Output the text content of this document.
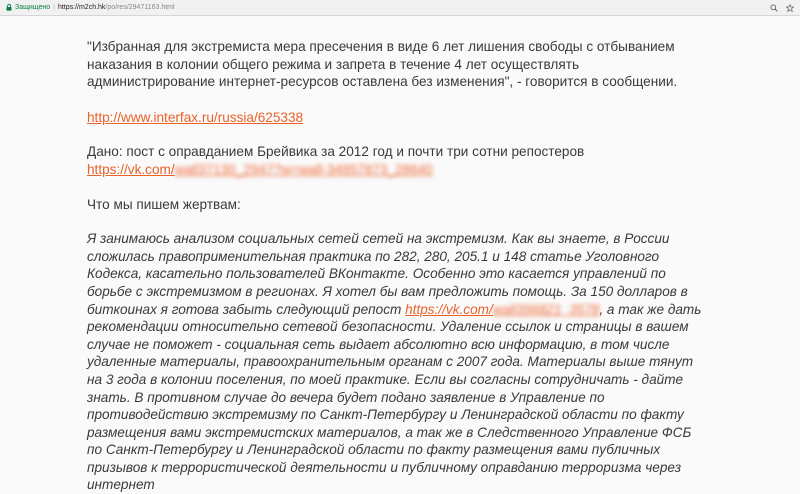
Защищено | https://m2ch.hk /po/res/29471163.html

"Избранная для экстремиста мера пресечения в виде 6 лет лишения свободы с отбыванием наказания в колонии общего режима и запрета в течение 4 лет осуществлять администрирование интернет-ресурсов оставлена без изменения", - говорится в сообщении.

http://www.interfax.ru/russia/625338

Дано: пост с оправданием Брейвика за 2012 год и почти три сотни репостеров
https://vk.com/wall37130_2947?w=wall-34957873_28640

Что мы пишем жертвам:

Я занимаюсь анализом социальных сетей сетей на экстремизм. Как вы знаете, в России сложилась правоприменительная практика по 282, 280, 205.1 и 148 статье Уголовного Кодекса, касательно пользователей ВКонтакте. Особенно это касается управлений по борьбе с экстремизмом в регионах. Я хотел бы вам предложить помощь. За 150 долларов в биткоинах я готова забыть следующий репост https://vk.com/wall396821_3578, а так же дать рекомендации относительно сетевой безопасности. Удаление ссылок и страницы в вашем случае не поможет - социальная сеть выдает абсолютно всю информацию, в том числе удаленные материалы, правоохранительным органам с 2007 года. Материалы выше тянут на 3 года в колонии поселения, по моей практике. Если вы согласны сотрудничать - дайте знать. В противном случае до вечера будет подано заявление в Управление по противодействию экстремизму по Санкт-Петербургу и Ленинградской области по факту размещения вами экстремистских материалов, а так же в Следственного Управление ФСБ по Санкт-Петербургу и Ленинградской области по факту размещения вами публичных призывов к террористической деятельности и публичному оправданию терроризма через интернет
